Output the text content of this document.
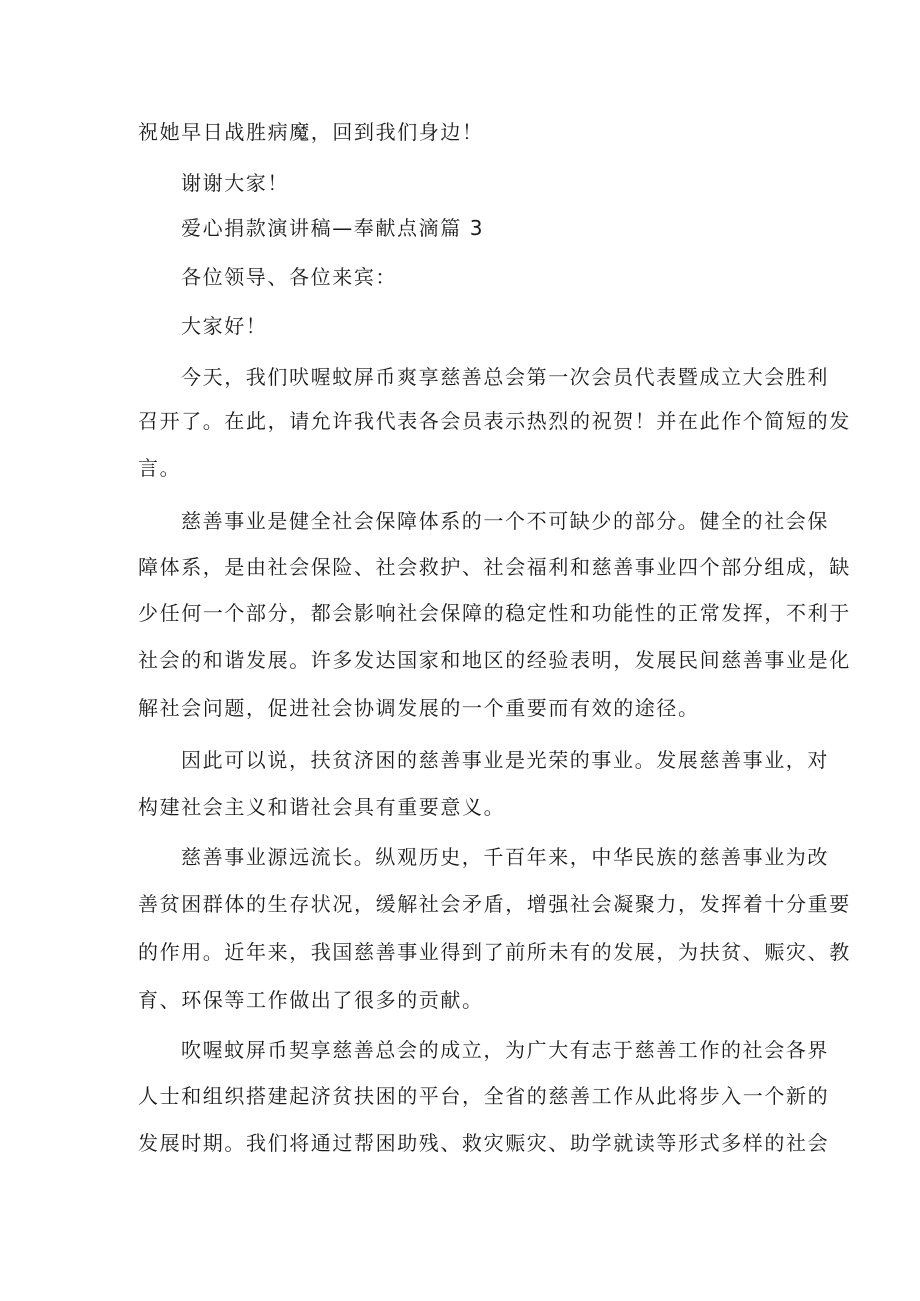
祝她早日战胜病魔，回到我们身边！

谢谢大家！

爱心捐款演讲稿—奉献点滴篇 3

各位领导、各位来宾：

大家好！

今天，我们吠喔蚊屏币爽享慈善总会第一次会员代表暨成立大会胜利

召开了。在此，请允许我代表各会员表示热烈的祝贺！并在此作个简短的发

言。

慈善事业是健全社会保障体系的一个不可缺少的部分。健全的社会保

障体系，是由社会保险、社会救护、社会福利和慈善事业四个部分组成，缺

少任何一个部分，都会影响社会保障的稳定性和功能性的正常发挥，不利于

社会的和谐发展。许多发达国家和地区的经验表明，发展民间慈善事业是化

解社会问题，促进社会协调发展的一个重要而有效的途径。

因此可以说，扶贫济困的慈善事业是光荣的事业。发展慈善事业，对

构建社会主义和谐社会具有重要意义。

慈善事业源远流长。纵观历史，千百年来，中华民族的慈善事业为改

善贫困群体的生存状况，缓解社会矛盾，增强社会凝聚力，发挥着十分重要

的作用。近年来，我国慈善事业得到了前所未有的发展，为扶贫、赈灾、教

育、环保等工作做出了很多的贡献。

吹喔蚊屏币契享慈善总会的成立，为广大有志于慈善工作的社会各界

人士和组织搭建起济贫扶困的平台，全省的慈善工作从此将步入一个新的

发展时期。我们将通过帮困助残、救灾赈灾、助学就读等形式多样的社会
